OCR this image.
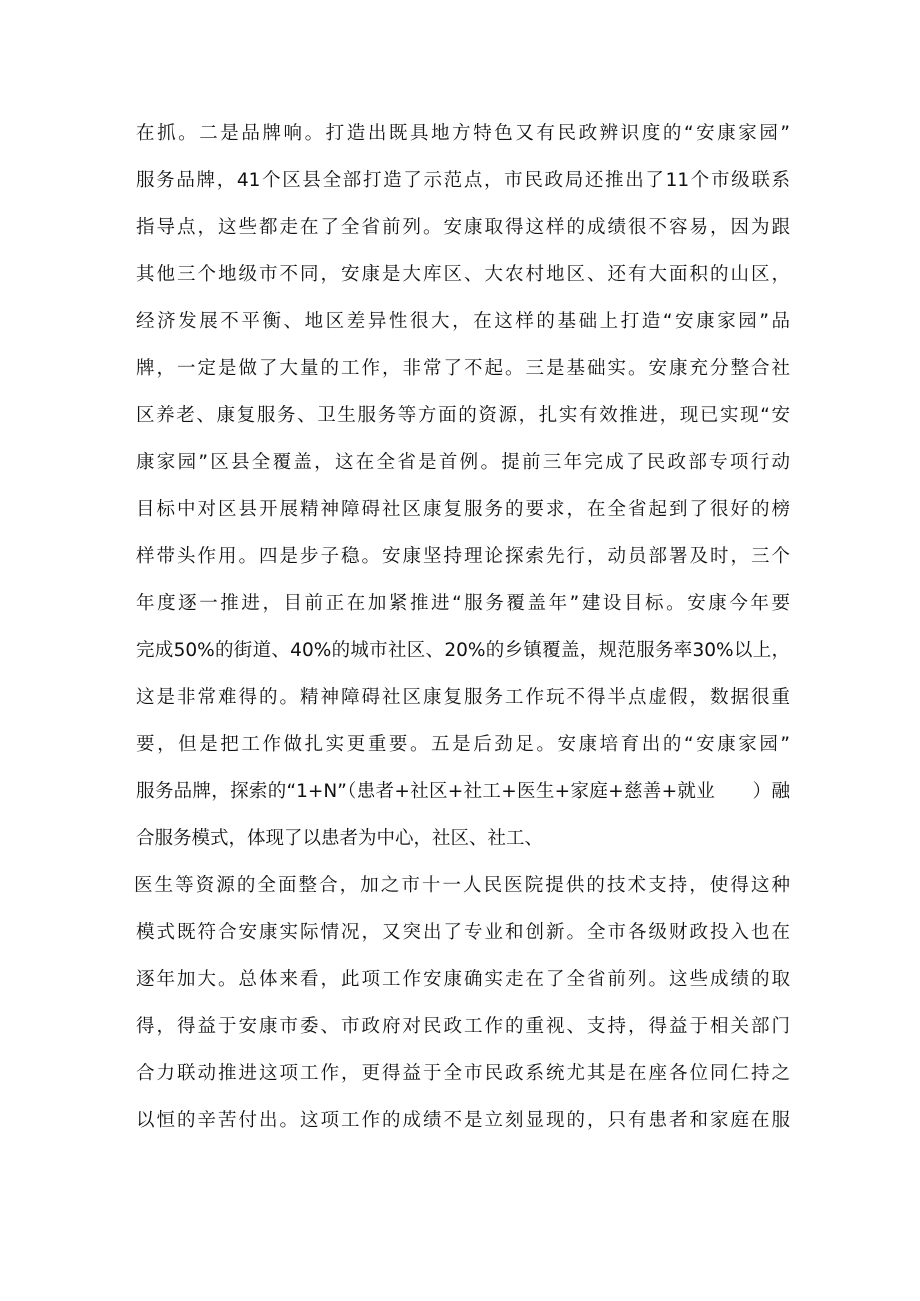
在抓。二是品牌响。打造出既具地方特色又有民政辨识度的“安康家园”
服务品牌，41个区县全部打造了示范点，市民政局还推出了11个市级联系
指导点，这些都走在了全省前列。安康取得这样的成绩很不容易，因为跟
其他三个地级市不同，安康是大库区、大农村地区、还有大面积的山区，
经济发展不平衡、地区差异性很大，在这样的基础上打造“安康家园”品
牌，一定是做了大量的工作，非常了不起。三是基础实。安康充分整合社
区养老、康复服务、卫生服务等方面的资源，扎实有效推进，现已实现“安
康家园”区县全覆盖，这在全省是首例。提前三年完成了民政部专项行动
目标中对区县开展精神障碍社区康复服务的要求，在全省起到了很好的榜
样带头作用。四是步子稳。安康坚持理论探索先行，动员部署及时，三个
年度逐一推进，目前正在加紧推进“服务覆盖年”建设目标。安康今年要
完成50%的街道、40%的城市社区、20%的乡镇覆盖，规范服务率30%以上，
这是非常难得的。精神障碍社区康复服务工作玩不得半点虚假，数据很重
要，但是把工作做扎实更重要。五是后劲足。安康培育出的“安康家园”
服务品牌，探索的“1+N”（患者+社区+社工+医生+家庭+慈善+就业　　）融
合服务模式，体现了以患者为中心，社区、社工、
医生等资源的全面整合，加之市十一人民医院提供的技术支持，使得这种
模式既符合安康实际情况，又突出了专业和创新。全市各级财政投入也在
逐年加大。总体来看，此项工作安康确实走在了全省前列。这些成绩的取
得，得益于安康市委、市政府对民政工作的重视、支持，得益于相关部门
合力联动推进这项工作，更得益于全市民政系统尤其是在座各位同仁持之
以恒的辛苦付出。这项工作的成绩不是立刻显现的，只有患者和家庭在服
